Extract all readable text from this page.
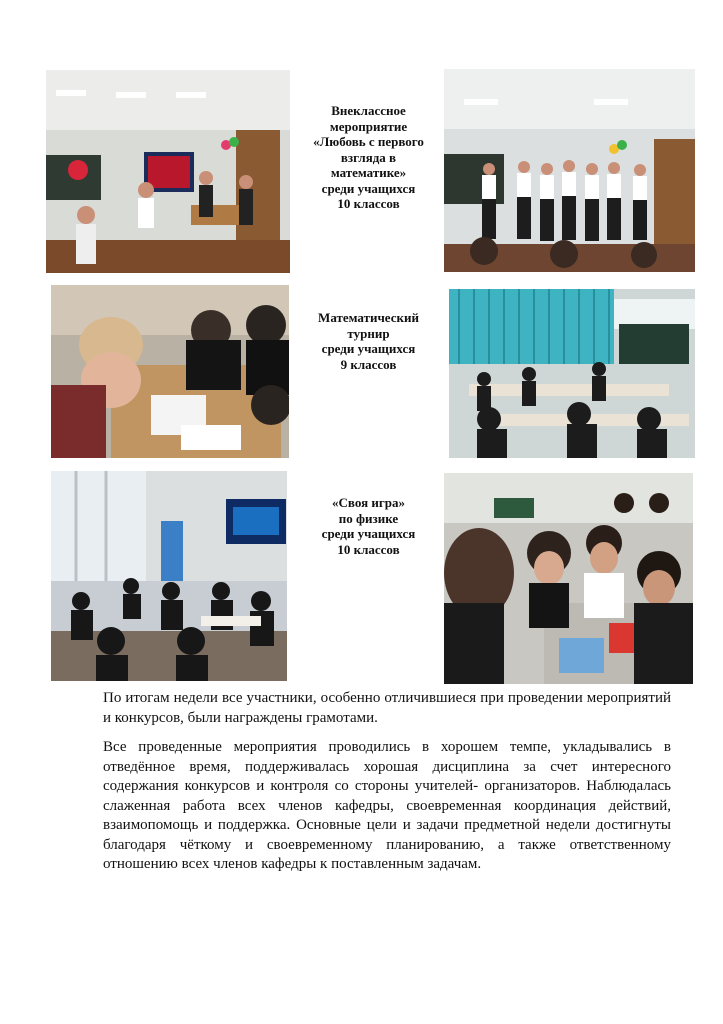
Внеклассное
мероприятие
«Любовь с первого
взгляда в
математике»
среди учащихся
10 классов
Математический
турнир
среди учащихся
9 классов
«Своя игра»
по физике
среди учащихся
10 классов

По итогам недели все участники, особенно отличившиеся при проведении мероприятий и конкурсов, были награждены грамотами.

Все проведенные мероприятия проводились в хорошем темпе, укладывались в отведённое время, поддерживалась хорошая дисциплина за счет интересного содержания конкурсов и контроля со стороны учителей- организаторов. Наблюдалась слаженная работа всех членов кафедры, своевременная координация действий, взаимопомощь и поддержка. Основные цели и задачи предметной недели достигнуты благодаря чёткому и своевременному планированию, а также ответственному отношению всех членов кафедры к поставленным задачам.
